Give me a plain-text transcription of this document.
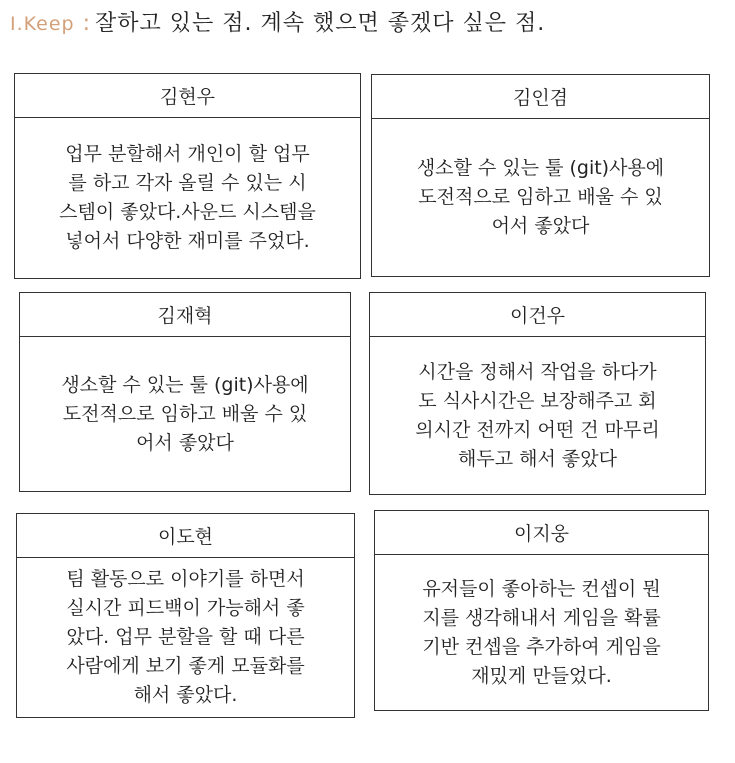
I.Keep : 잘하고 있는 점. 계속 했으면 좋겠다 싶은 점.
김현우
업무 분할해서 개인이 할 업무
를 하고 각자 올릴 수 있는 시
스템이 좋았다.사운드 시스템을
넣어서 다양한 재미를 주었다.
김인겸
생소할 수 있는 툴 (git)사용에
도전적으로 임하고 배울 수 있
어서 좋았다
김재혁
생소할 수 있는 툴 (git)사용에
도전적으로 임하고 배울 수 있
어서 좋았다
이건우
시간을 정해서 작업을 하다가
도 식사시간은 보장해주고 회
의시간 전까지 어떤 건 마무리
해두고 해서 좋았다
이도현
팀 활동으로 이야기를 하면서
실시간 피드백이 가능해서 좋
았다. 업무 분할을 할 때 다른
사람에게 보기 좋게 모듈화를
해서 좋았다.
이지웅
유저들이 좋아하는 컨셉이 뭔
지를 생각해내서 게임을 확률
기반 컨셉을 추가하여 게임을
재밌게 만들었다.
